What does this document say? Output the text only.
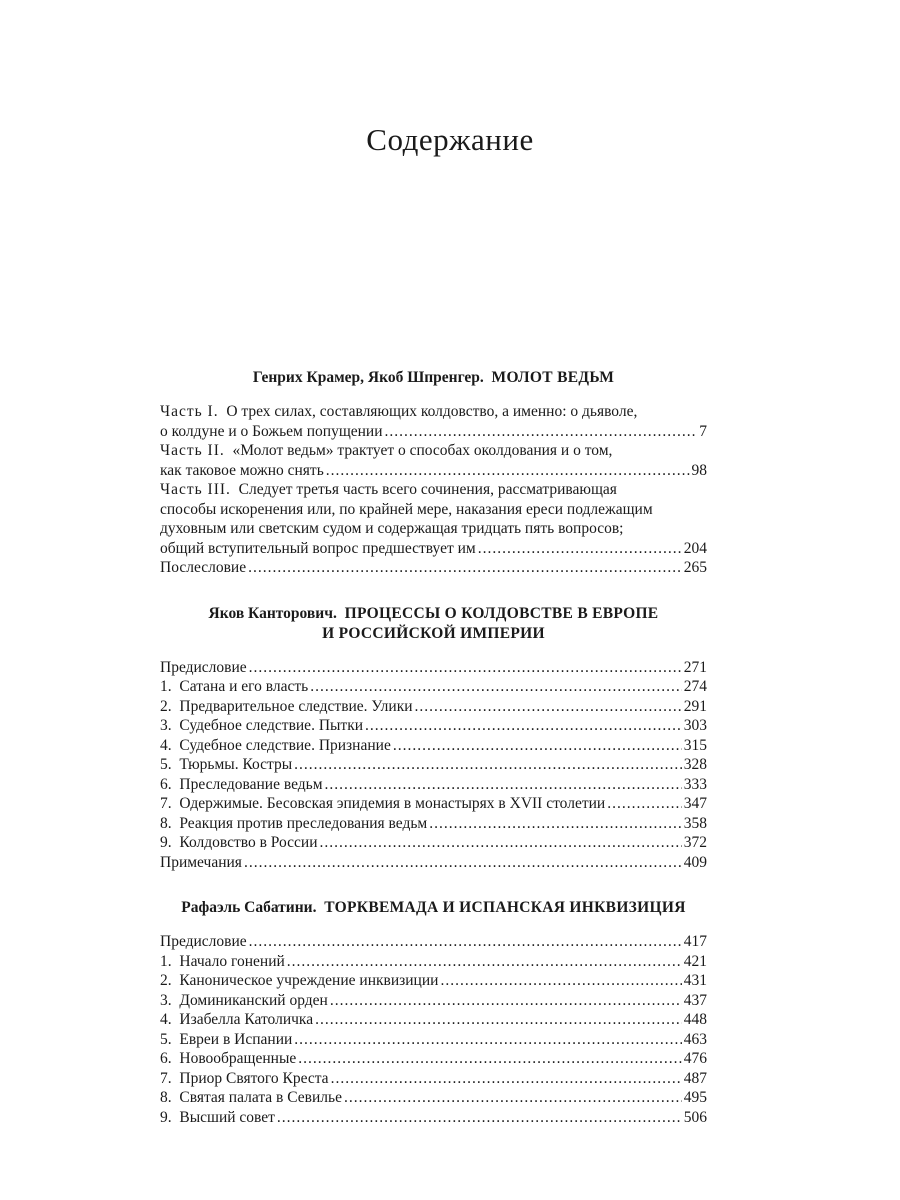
Содержание
Генрих Крамер, Якоб Шпренгер. МОЛОТ ВЕДЬМ
Часть I. О трех силах, составляющих колдовство, а именно: о дьяволе,
о колдуне и о Божьем попущении .....	7
Часть II. «Молот ведьм» трактует о способах околдования и о том,
как таковое можно снять .....	98
Часть III. Следует третья часть всего сочинения, рассматривающая
способы искоренения или, по крайней мере, наказания ереси подлежащим
духовным или светским судом и содержащая тридцать пять вопросов;
общий вступительный вопрос предшествует им .....	204
Послесловие .....	265
Яков Канторович. ПРОЦЕССЫ О КОЛДОВСТВЕ В ЕВРОПЕ
И РОССИЙСКОЙ ИМПЕРИИ
Предисловие .....	271
1.  Сатана и его власть .....	274
2.  Предварительное следствие. Улики .....	291
3.  Судебное следствие. Пытки .....	303
4.  Судебное следствие. Признание .....	315
5.  Тюрьмы. Костры .....	328
6.  Преследование ведьм .....	333
7.  Одержимые. Бесовская эпидемия в монастырях в XVII столетии .....	347
8.  Реакция против преследования ведьм .....	358
9.  Колдовство в России .....	372
Примечания .....	409
Рафаэль Сабатини. ТОРКВЕМАДА И ИСПАНСКАЯ ИНКВИЗИЦИЯ
Предисловие .....	417
1.  Начало гонений .....	421
2.  Каноническое учреждение инквизиции .....	431
3.  Доминиканский орден .....	437
4.  Изабелла Католичка .....	448
5.  Евреи в Испании .....	463
6.  Новообращенные .....	476
7.  Приор Святого Креста .....	487
8.  Святая палата в Севилье .....	495
9.  Высший совет .....	506
